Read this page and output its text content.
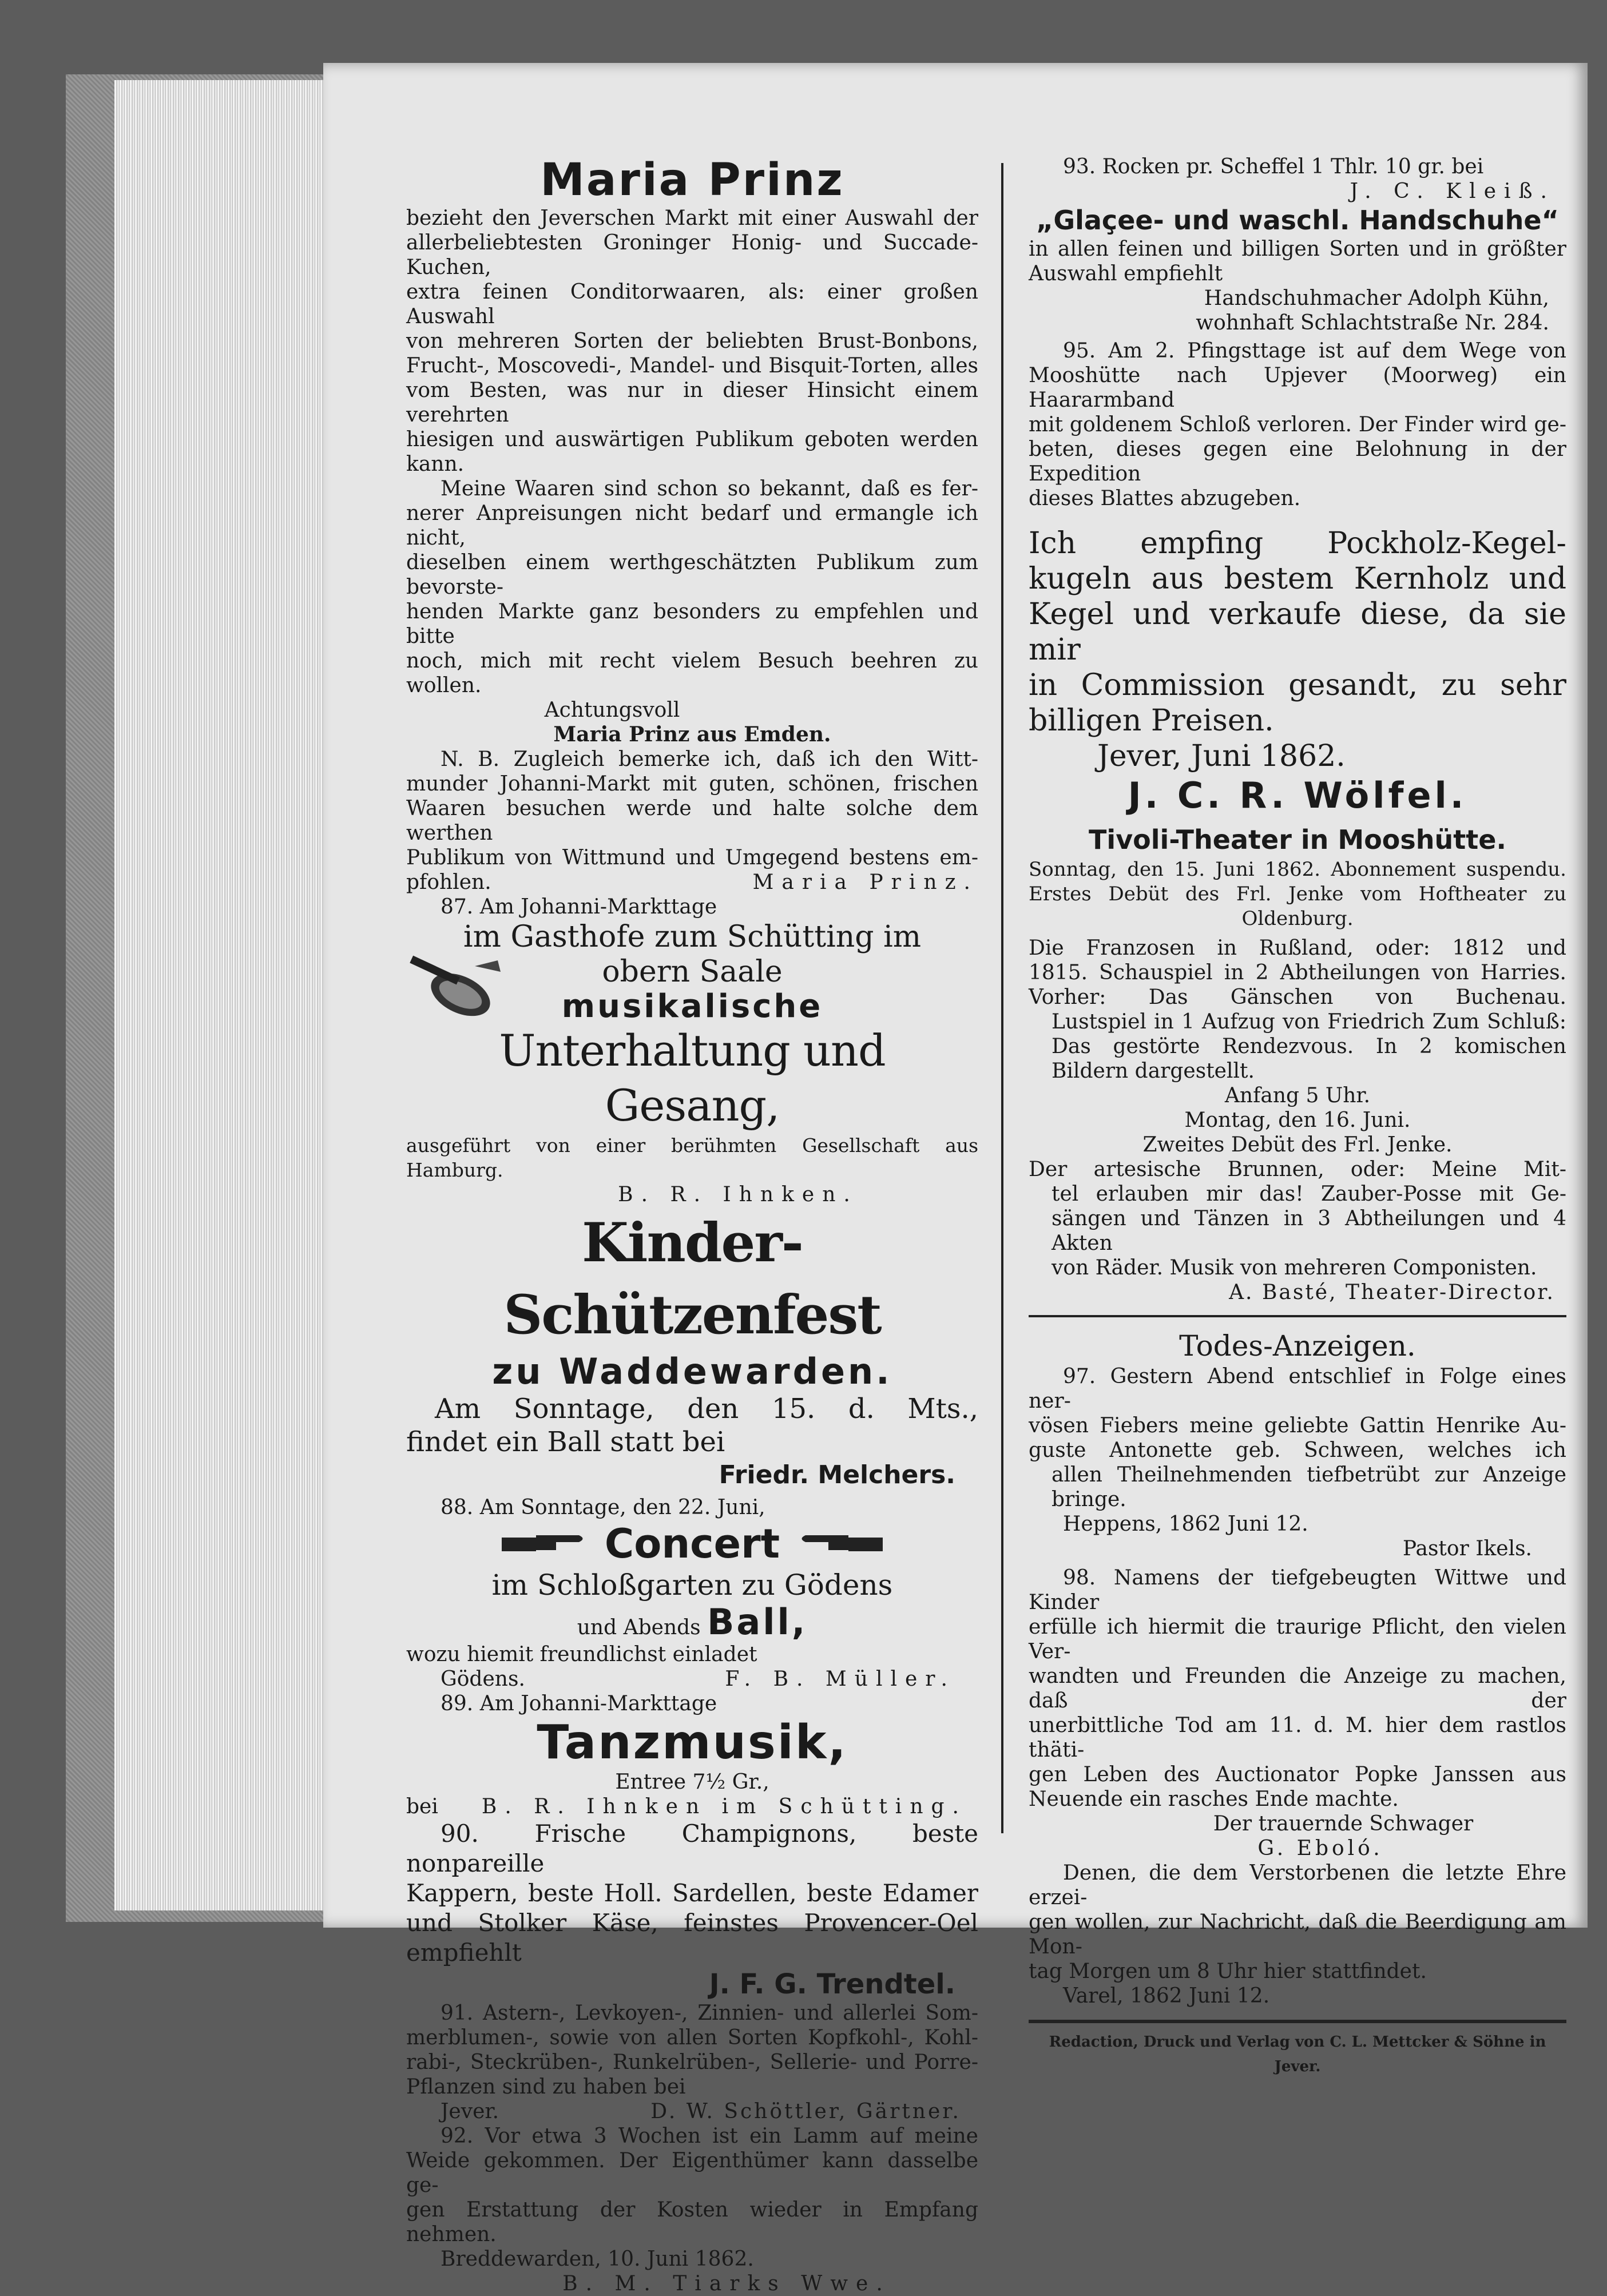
Maria Prinz

bezieht den Jeverschen Markt mit einer Auswahl der

allerbeliebtesten Groninger Honig- und Succade-Kuchen,

extra feinen Conditorwaaren, als: einer großen Auswahl

von mehreren Sorten der beliebten Brust-Bonbons,

Frucht-, Moscovedi-, Mandel- und Bisquit-Torten, alles

vom Besten, was nur in dieser Hinsicht einem verehrten

hiesigen und auswärtigen Publikum geboten werden kann.

Meine Waaren sind schon so bekannt, daß es fer-

nerer Anpreisungen nicht bedarf und ermangle ich nicht,

dieselben einem werthgeschätzten Publikum zum bevorste-

henden Markte ganz besonders zu empfehlen und bitte

noch, mich mit recht vielem Besuch beehren zu wollen.

Achtungsvoll

Maria Prinz aus Emden.

N. B. Zugleich bemerke ich, daß ich den Witt-

munder Johanni-Markt mit guten, schönen, frischen

Waaren besuchen werde und halte solche dem werthen

Publikum von Wittmund und Umgegend bestens em-

pfohlen.	Maria Prinz.

87. Am Johanni-Markttage

im Gasthofe zum Schütting im

obern Saale

musikalische

Unterhaltung und Gesang,

ausgeführt von einer berühmten Gesellschaft aus Hamburg.

B. R. Ihnken.

Kinder-Schützenfest

zu Waddewarden.

Am Sonntage, den 15. d. Mts.,

findet ein Ball statt bei

Friedr. Melchers.

88. Am Sonntage, den 22. Juni,

Concert

im Schloßgarten zu Gödens

und Abends Ball,

wozu hiemit freundlichst einladet

Gödens.	F. B. Müller.

89. Am Johanni-Markttage

Tanzmusik,

Entree 7½ Gr.,

bei B. R. Ihnken im Schütting.

90. Frische Champignons, beste nonpareille

Kappern, beste Holl. Sardellen, beste Edamer

und Stolker Käse, feinstes Provencer-Oel empfiehlt

J. F. G. Trendtel.

91. Astern-, Levkoyen-, Zinnien- und allerlei Som-

merblumen-, sowie von allen Sorten Kopfkohl-, Kohl-

rabi-, Steckrüben-, Runkelrüben-, Sellerie- und Porre-

Pflanzen sind zu haben bei

Jever.	D. W. Schöttler, Gärtner.

92. Vor etwa 3 Wochen ist ein Lamm auf meine

Weide gekommen. Der Eigenthümer kann dasselbe ge-

gen Erstattung der Kosten wieder in Empfang nehmen.

Breddewarden, 10. Juni 1862.

B. M. Tiarks Wwe.

93. Rocken pr. Scheffel 1 Thlr. 10 gr. bei

J. C. Kleiß.

„Glaçee- und waschl. Handschuhe“

in allen feinen und billigen Sorten und in größter

Auswahl empfiehlt

Handschuhmacher Adolph Kühn,

wohnhaft Schlachtstraße Nr. 284.

95. Am 2. Pfingsttage ist auf dem Wege von

Mooshütte nach Upjever (Moorweg) ein Haararmband

mit goldenem Schloß verloren. Der Finder wird ge-

beten, dieses gegen eine Belohnung in der Expedition

dieses Blattes abzugeben.

Ich empfing Pockholz-Kegel-

kugeln aus bestem Kernholz und

Kegel und verkaufe diese, da sie mir

in Commission gesandt, zu sehr

billigen Preisen.

Jever, Juni 1862.

J. C. R. Wölfel.

Tivoli-Theater in Mooshütte.

Sonntag, den 15. Juni 1862. Abonnement suspendu.

Erstes Debüt des Frl. Jenke vom Hoftheater zu

Oldenburg.

Die Franzosen in Rußland, oder: 1812 und

1815. Schauspiel in 2 Abtheilungen von Harries.

Vorher: Das Gänschen von Buchenau.

Lustspiel in 1 Aufzug von Friedrich Zum Schluß:

Das gestörte Rendezvous. In 2 komischen

Bildern dargestellt.

Anfang 5 Uhr.

Montag, den 16. Juni.

Zweites Debüt des Frl. Jenke.

Der artesische Brunnen, oder: Meine Mit-

tel erlauben mir das! Zauber-Posse mit Ge-

sängen und Tänzen in 3 Abtheilungen und 4 Akten

von Räder. Musik von mehreren Componisten.

A. Basté, Theater-Director.

Todes-Anzeigen.

97. Gestern Abend entschlief in Folge eines ner-

vösen Fiebers meine geliebte Gattin Henrike Au-

guste Antonette geb. Schween, welches ich

allen Theilnehmenden tiefbetrübt zur Anzeige bringe.

Heppens, 1862 Juni 12.

Pastor Ikels.

98. Namens der tiefgebeugten Wittwe und Kinder

erfülle ich hiermit die traurige Pflicht, den vielen Ver-

wandten und Freunden die Anzeige zu machen, daß der

unerbittliche Tod am 11. d. M. hier dem rastlos thäti-

gen Leben des Auctionator Popke Janssen aus

Neuende ein rasches Ende machte.

Der trauernde Schwager

G. Eboló.

Denen, die dem Verstorbenen die letzte Ehre erzei-

gen wollen, zur Nachricht, daß die Beerdigung am Mon-

tag Morgen um 8 Uhr hier stattfindet.

Varel, 1862 Juni 12.

Redaction, Druck und Verlag von C. L. Mettcker & Söhne in Jever.
